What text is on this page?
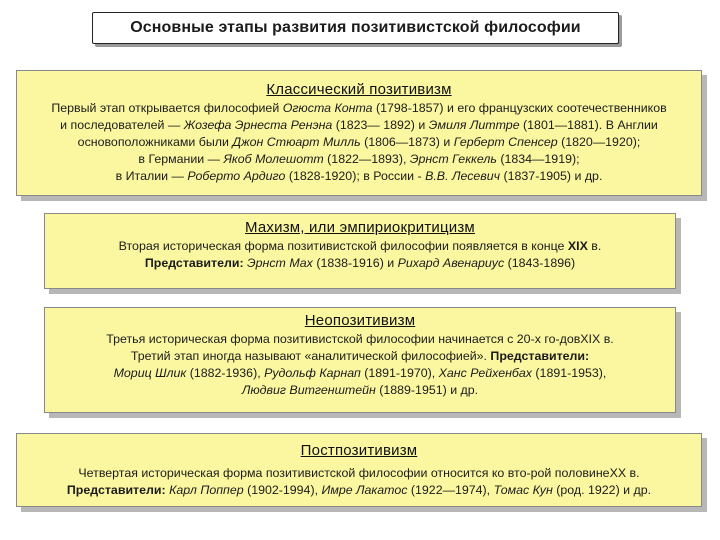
Основные этапы развития позитивистской философии
Классический позитивизм

Первый этап открывается философией Огюста Конта (1798-1857) и его французских соотечественников

и последователей — Жозефа Эрнеста Ренэна (1823— 1892) и Эмиля Литтре (1801—1881). В Англии

основоположниками были Джон Стюарт Милль (1806—1873) и Герберт Спенсер (1820—1920);

в Германии — Якоб Молешотт (1822—1893), Эрнст Геккель (1834—1919);

в Италии — Роберто Ардиго (1828-1920); в России - В.В. Лесевич (1837-1905) и др.

Махизм, или эмпириокритицизм

Вторая историческая форма позитивистской философии появляется в конце XIX в.

Представители: Эрнст Мах (1838-1916) и Рихард Авенариус (1843-1896)

Неопозитивизм

Третья историческая форма позитивистской философии начинается с 20-х го-довXIX в.

Третий этап иногда называют «аналитической философией». Представители:

Мориц Шлик (1882-1936), Рудольф Карнап (1891-1970), Ханс Рейхенбах (1891-1953),

Людвиг Витгенштейн (1889-1951) и др.

Постпозитивизм

Четвертая историческая форма позитивистской философии относится ко вто-рой половинеXX в.

Представители: Карл Поппер (1902-1994), Имре Лакатос (1922—1974), Томас Кун (род. 1922) и др.
